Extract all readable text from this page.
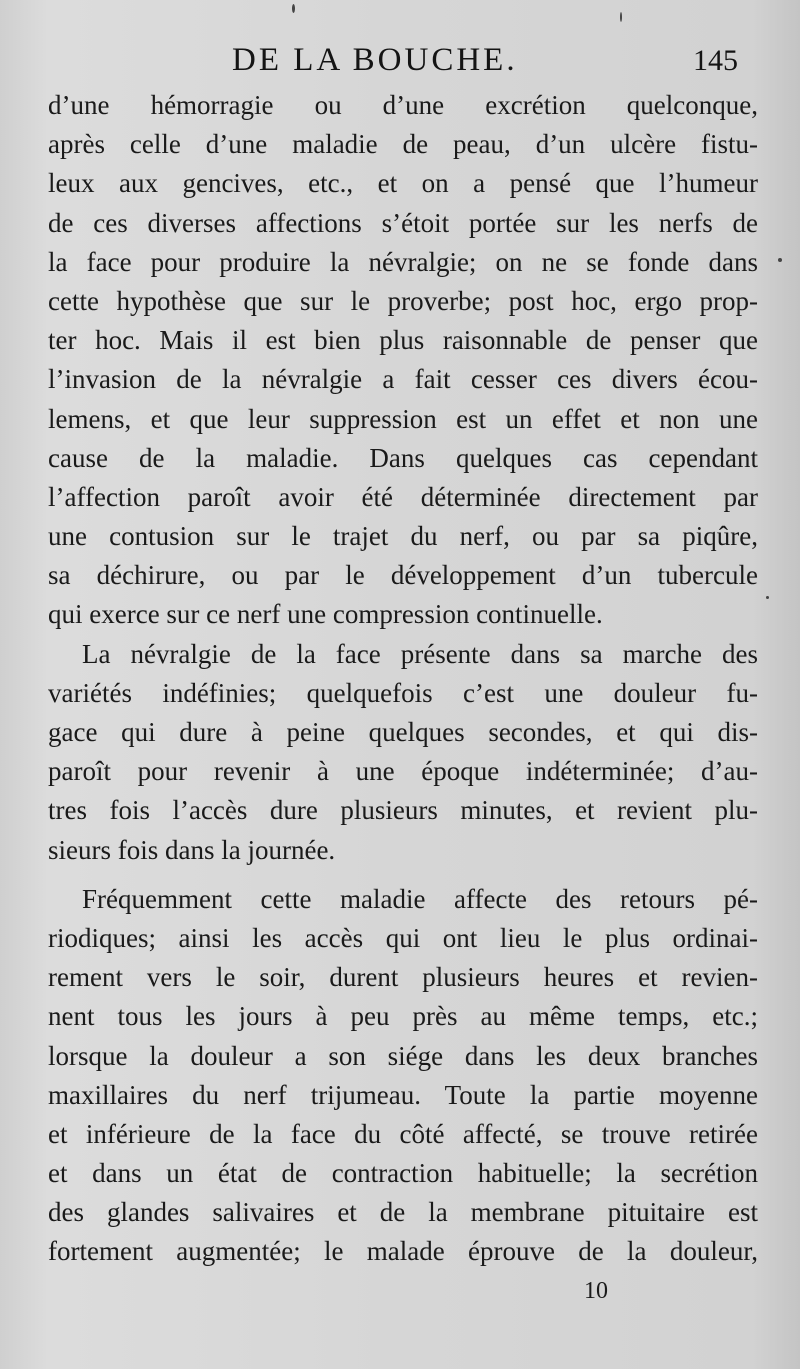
DE LA BOUCHE.	145
d’une hémorragie ou d’une excrétion quelconque,
après celle d’une maladie de peau, d’un ulcère fistu-
leux aux gencives, etc., et on a pensé que l’humeur
de ces diverses affections s’étoit portée sur les nerfs de
la face pour produire la névralgie; on ne se fonde dans
cette hypothèse que sur le proverbe; post hoc, ergo prop-
ter hoc. Mais il est bien plus raisonnable de penser que
l’invasion de la névralgie a fait cesser ces divers écou-
lemens, et que leur suppression est un effet et non une
cause de la maladie. Dans quelques cas cependant
l’affection paroît avoir été déterminée directement par
une contusion sur le trajet du nerf, ou par sa piqûre,
sa déchirure, ou par le développement d’un tubercule
qui exerce sur ce nerf une compression continuelle.
La névralgie de la face présente dans sa marche des
variétés indéfinies; quelquefois c’est une douleur fu-
gace qui dure à peine quelques secondes, et qui dis-
paroît pour revenir à une époque indéterminée; d’au-
tres fois l’accès dure plusieurs minutes, et revient plu-
sieurs fois dans la journée.
Fréquemment cette maladie affecte des retours pé-
riodiques; ainsi les accès qui ont lieu le plus ordinai-
rement vers le soir, durent plusieurs heures et revien-
nent tous les jours à peu près au même temps, etc.;
lorsque la douleur a son siége dans les deux branches
maxillaires du nerf trijumeau. Toute la partie moyenne
et inférieure de la face du côté affecté, se trouve retirée
et dans un état de contraction habituelle; la secrétion
des glandes salivaires et de la membrane pituitaire est
fortement augmentée; le malade éprouve de la douleur,
10
